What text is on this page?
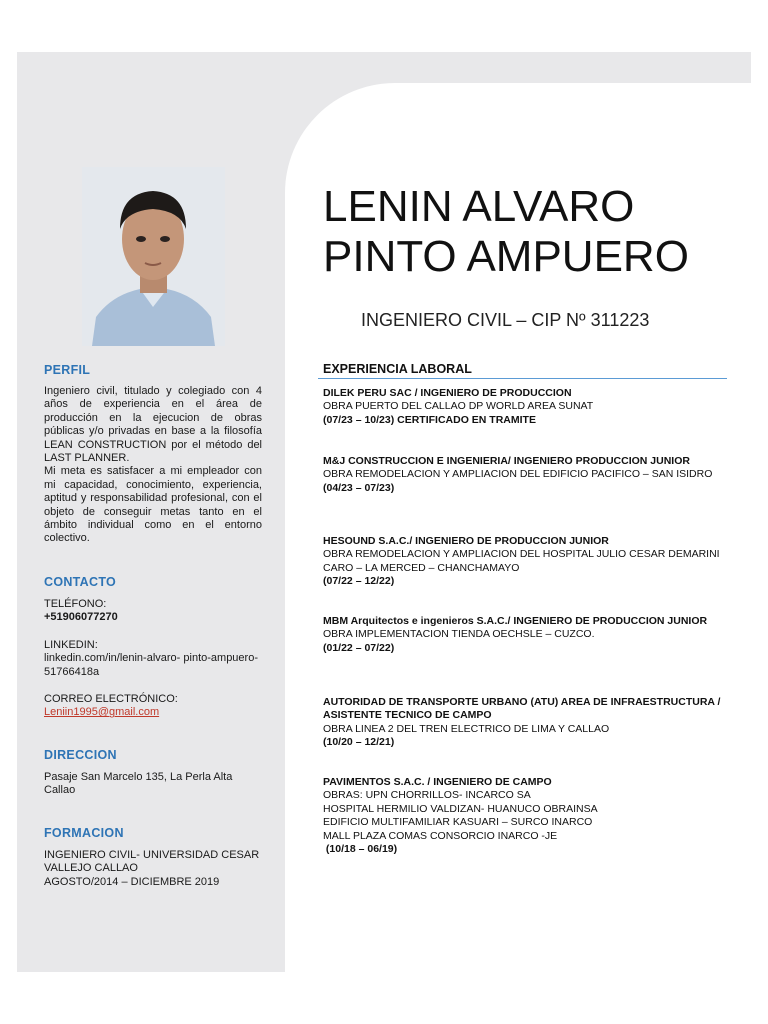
PERFIL
Ingeniero civil, titulado y colegiado con 4 años de experiencia en el área de producción en la ejecucion de obras públicas y/o privadas en base a la filosofía LEAN CONSTRUCTION por el método del LAST PLANNER.
Mi meta es satisfacer a mi empleador con mi capacidad, conocimiento, experiencia, aptitud y responsabilidad profesional, con el objeto de conseguir metas tanto en el ámbito individual como en el entorno colectivo.
CONTACTO
TELÉFONO:
+51906077270
LINKEDIN:
linkedin.com/in/lenin-alvaro- pinto-ampuero-51766418a
CORREO ELECTRÓNICO:
Leniin1995@gmail.com
DIRECCION
Pasaje San Marcelo 135, La Perla Alta Callao
FORMACION
INGENIERO CIVIL- UNIVERSIDAD CESAR VALLEJO CALLAO
AGOSTO/2014 – DICIEMBRE 2019
LENIN ALVARO
PINTO AMPUERO
INGENIERO CIVIL – CIP Nº 311223
EXPERIENCIA LABORAL
DILEK PERU SAC / INGENIERO DE PRODUCCION
OBRA PUERTO DEL CALLAO DP WORLD AREA SUNAT
(07/23 – 10/23) CERTIFICADO EN TRAMITE
M&J CONSTRUCCION E INGENIERIA/ INGENIERO PRODUCCION JUNIOR
OBRA REMODELACION Y AMPLIACION DEL EDIFICIO PACIFICO – SAN ISIDRO
(04/23 – 07/23)
HESOUND S.A.C./ INGENIERO DE PRODUCCION JUNIOR
OBRA REMODELACION Y AMPLIACION DEL HOSPITAL JULIO CESAR DEMARINI CARO – LA MERCED – CHANCHAMAYO
(07/22 – 12/22)
MBM Arquitectos e ingenieros S.A.C./ INGENIERO DE PRODUCCION JUNIOR
OBRA IMPLEMENTACION TIENDA OECHSLE – CUZCO.
(01/22 – 07/22)
AUTORIDAD DE TRANSPORTE URBANO (ATU) AREA DE INFRAESTRUCTURA / ASISTENTE TECNICO DE CAMPO
OBRA LINEA 2 DEL TREN ELECTRICO DE LIMA Y CALLAO
(10/20 – 12/21)
PAVIMENTOS S.A.C. / INGENIERO DE CAMPO
OBRAS: UPN CHORRILLOS- INCARCO SA
HOSPITAL HERMILIO VALDIZAN- HUANUCO OBRAINSA
EDIFICIO MULTIFAMILIAR KASUARI – SURCO INARCO
MALL PLAZA COMAS CONSORCIO INARCO -JE
(10/18 – 06/19)
